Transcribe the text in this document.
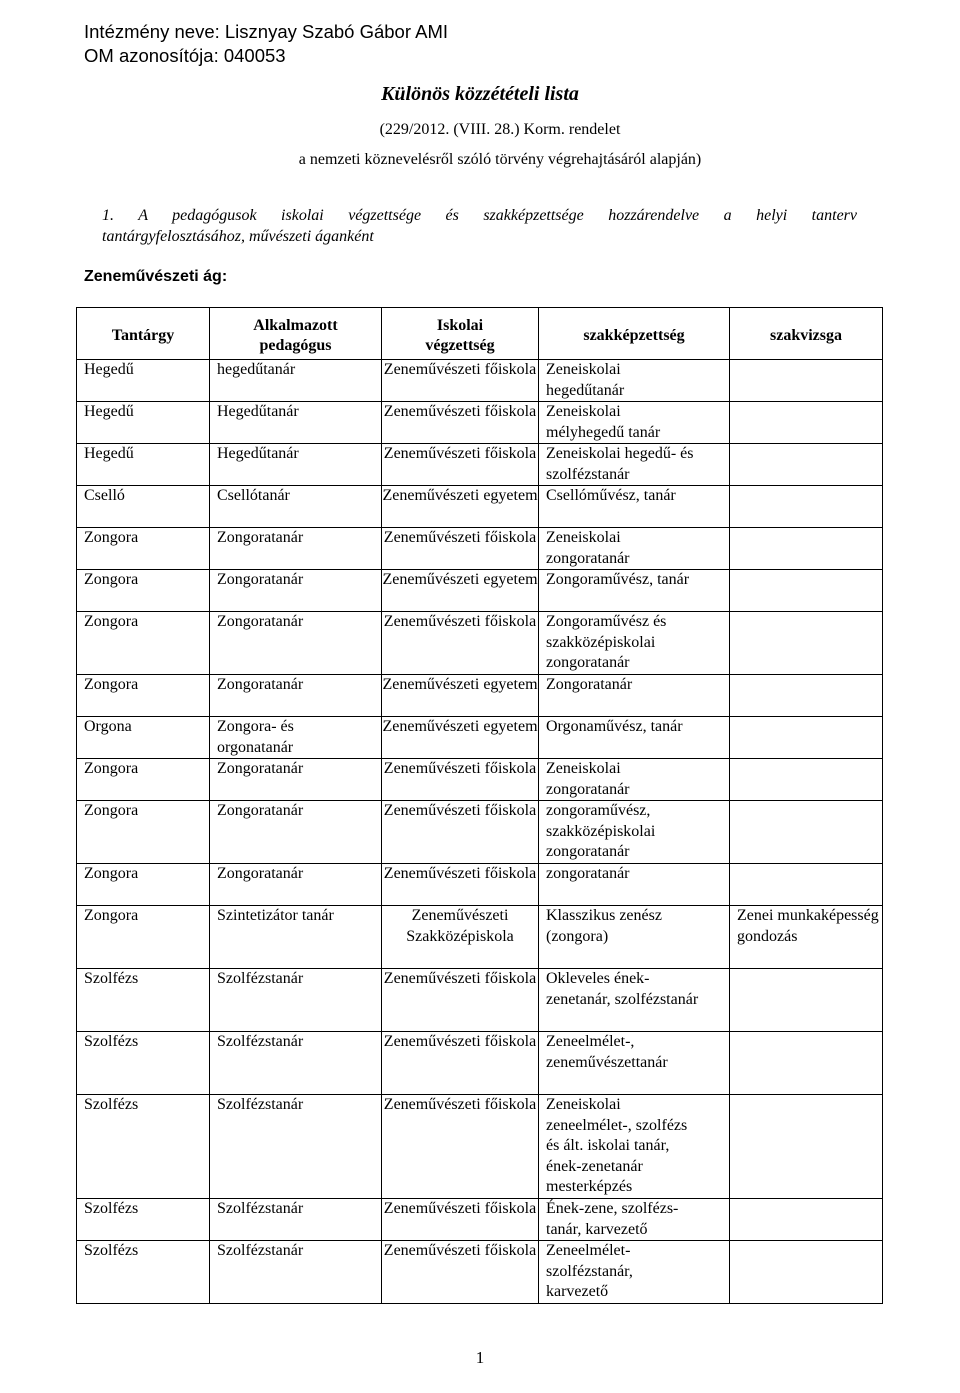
Intézmény neve: Lisznyay Szabó Gábor AMI
OM azonosítója: 040053
Különös közzétételi lista
(229/2012. (VIII. 28.) Korm. rendelet
a nemzeti köznevelésről szóló törvény végrehajtásáról alapján)
1. A pedagógusok iskolai végzettsége és szakképzettsége hozzárendelve a helyi tanterv
tantárgyfelosztásához, művészeti áganként
Zeneművészeti ág:
Tantárgy	Alkalmazott pedagógus	Iskolai végzettség	szakképzettség	szakvizsga
Hegedű	hegedűtanár	Zeneművészeti főiskola	Zeneiskolai hegedűtanár	
Hegedű	Hegedűtanár	Zeneművészeti főiskola	Zeneiskolai mélyhegedű tanár	
Hegedű	Hegedűtanár	Zeneművészeti főiskola	Zeneiskolai hegedű- és szolfézstanár	
Cselló	Csellótanár	Zeneművészeti egyetem	Csellóművész, tanár	
Zongora	Zongoratanár	Zeneművészeti főiskola	Zeneiskolai zongoratanár	
Zongora	Zongoratanár	Zeneművészeti egyetem	Zongoraművész, tanár	
Zongora	Zongoratanár	Zeneművészeti főiskola	Zongoraművész és szakközépiskolai zongoratanár	
Zongora	Zongoratanár	Zeneművészeti egyetem	Zongoratanár	
Orgona	Zongora- és orgonatanár	Zeneművészeti egyetem	Orgonaművész, tanár	
Zongora	Zongoratanár	Zeneművészeti főiskola	Zeneiskolai zongoratanár	
Zongora	Zongoratanár	Zeneművészeti főiskola	zongoraművész, szakközépiskolai zongoratanár	
Zongora	Zongoratanár	Zeneművészeti főiskola	zongoratanár	
Zongora	Szintetizátor tanár	Zeneművészeti Szakközépiskola	Klasszikus zenész (zongora)	Zenei munkaképesség gondozás
Szolfézs	Szolfézstanár	Zeneművészeti főiskola	Okleveles ének-zenetanár, szolfézstanár	
Szolfézs	Szolfézstanár	Zeneművészeti főiskola	Zeneelmélet-, zeneművészettanár	
Szolfézs	Szolfézstanár	Zeneművészeti főiskola	Zeneiskolai zeneelmélet-, szolfézs és ált. iskolai tanár, ének-zenetanár mesterképzés	
Szolfézs	Szolfézstanár	Zeneművészeti főiskola	Ének-zene, szolfézs-tanár, karvezető	
Szolfézs	Szolfézstanár	Zeneművészeti főiskola	Zeneelmélet-szolfézstanár, karvezető	
1
